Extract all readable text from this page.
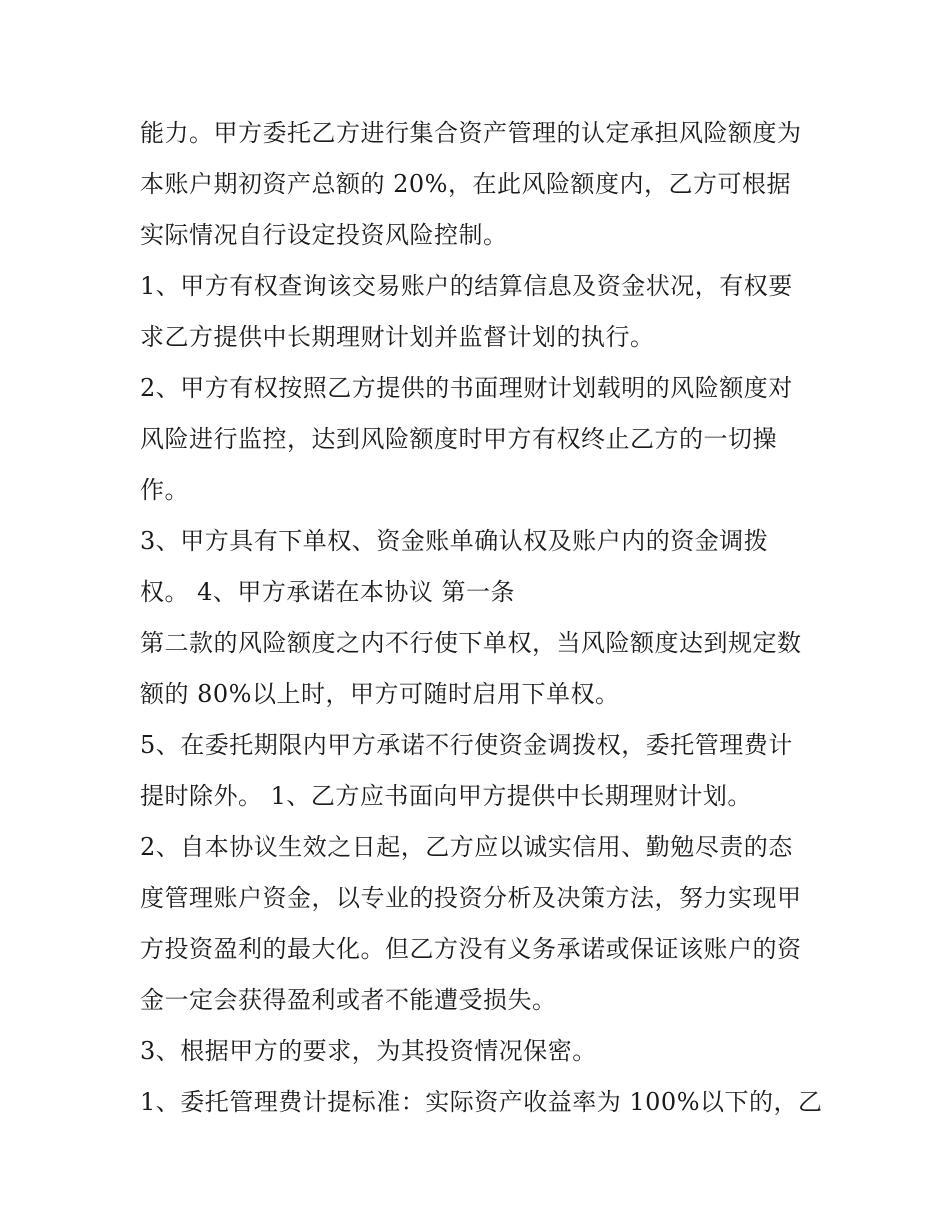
能力。甲方委托乙方进行集合资产管理的认定承担风险额度为
本账户期初资产总额的 20%，在此风险额度内，乙方可根据
实际情况自行设定投资风险控制。
1、甲方有权查询该交易账户的结算信息及资金状况，有权要
求乙方提供中长期理财计划并监督计划的执行。
2、甲方有权按照乙方提供的书面理财计划载明的风险额度对
风险进行监控，达到风险额度时甲方有权终止乙方的一切操
作。
3、甲方具有下单权、资金账单确认权及账户内的资金调拨
权。 4、甲方承诺在本协议 第一条
第二款的风险额度之内不行使下单权，当风险额度达到规定数
额的 80%以上时，甲方可随时启用下单权。
5、在委托期限内甲方承诺不行使资金调拨权，委托管理费计
提时除外。 1、乙方应书面向甲方提供中长期理财计划。
2、自本协议生效之日起，乙方应以诚实信用、勤勉尽责的态
度管理账户资金，以专业的投资分析及决策方法，努力实现甲
方投资盈利的最大化。但乙方没有义务承诺或保证该账户的资
金一定会获得盈利或者不能遭受损失。
3、根据甲方的要求，为其投资情况保密。
1、委托管理费计提标准：实际资产收益率为 100%以下的，乙
